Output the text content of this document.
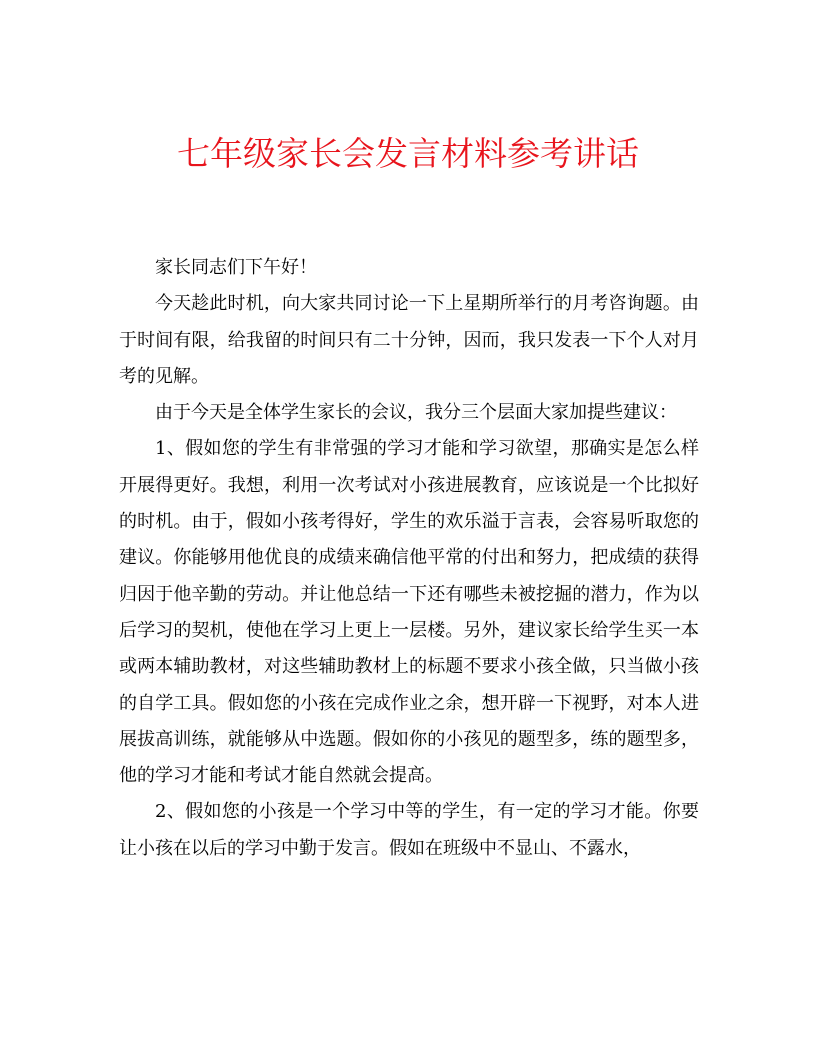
七年级家长会发言材料参考讲话

家长同志们下午好！

今天趁此时机，向大家共同讨论一下上星期所举行的月考咨询题。由于时间有限，给我留的时间只有二十分钟，因而，我只发表一下个人对月考的见解。

由于今天是全体学生家长的会议，我分三个层面大家加提些建议：

1、假如您的学生有非常强的学习才能和学习欲望，那确实是怎么样开展得更好。我想，利用一次考试对小孩进展教育，应该说是一个比拟好的时机。由于，假如小孩考得好，学生的欢乐溢于言表，会容易听取您的建议。你能够用他优良的成绩来确信他平常的付出和努力，把成绩的获得归因于他辛勤的劳动。并让他总结一下还有哪些未被挖掘的潜力，作为以后学习的契机，使他在学习上更上一层楼。另外，建议家长给学生买一本或两本辅助教材，对这些辅助教材上的标题不要求小孩全做，只当做小孩的自学工具。假如您的小孩在完成作业之余，想开辟一下视野，对本人进展拔高训练，就能够从中选题。假如你的小孩见的题型多，练的题型多，他的学习才能和考试才能自然就会提高。

2、假如您的小孩是一个学习中等的学生，有一定的学习才能。你要让小孩在以后的学习中勤于发言。假如在班级中不显山、不露水，
